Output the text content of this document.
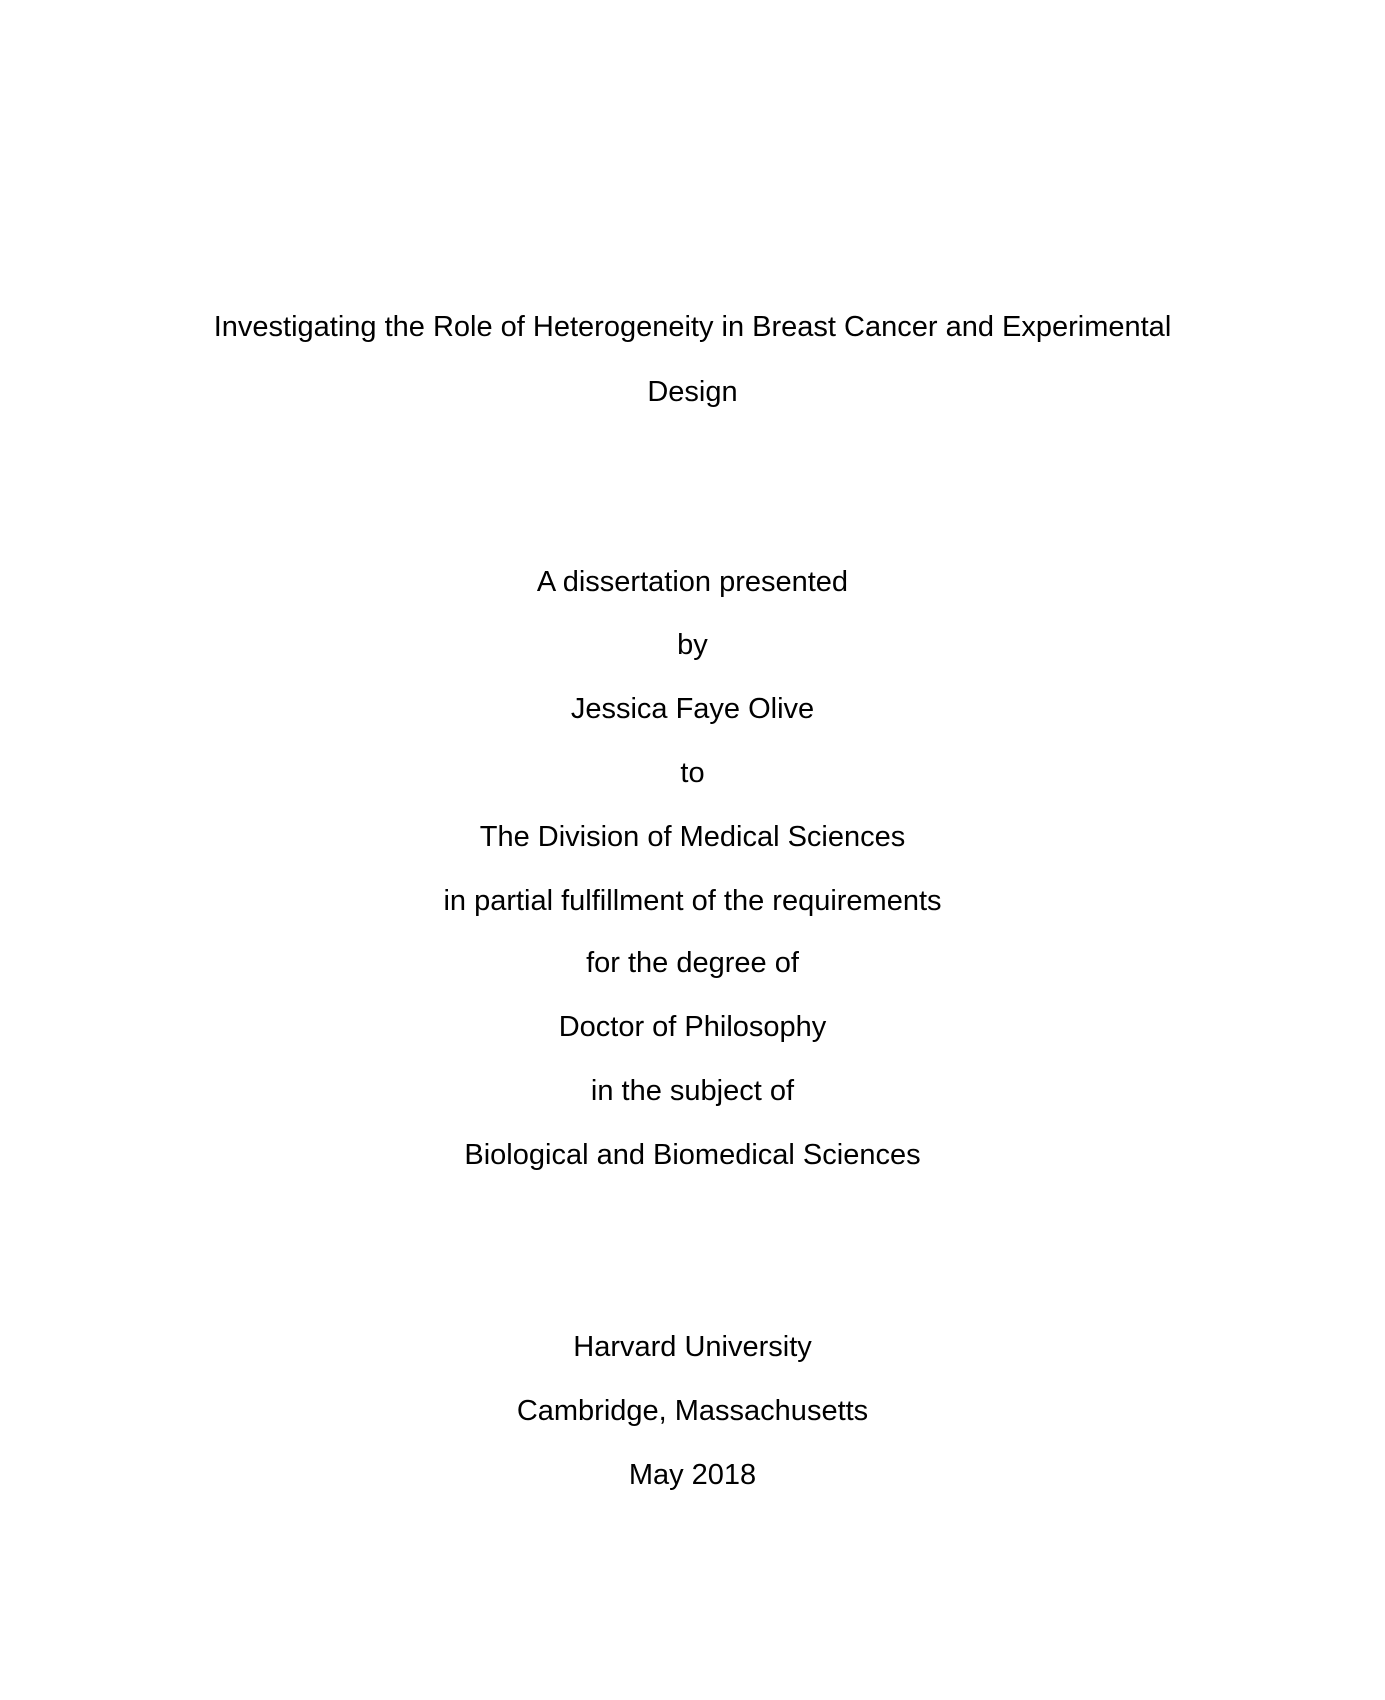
Investigating the Role of Heterogeneity in Breast Cancer and Experimental
Design
A dissertation presented
by
Jessica Faye Olive
to
The Division of Medical Sciences
in partial fulfillment of the requirements
for the degree of
Doctor of Philosophy
in the subject of
Biological and Biomedical Sciences
Harvard University
Cambridge, Massachusetts
May 2018
